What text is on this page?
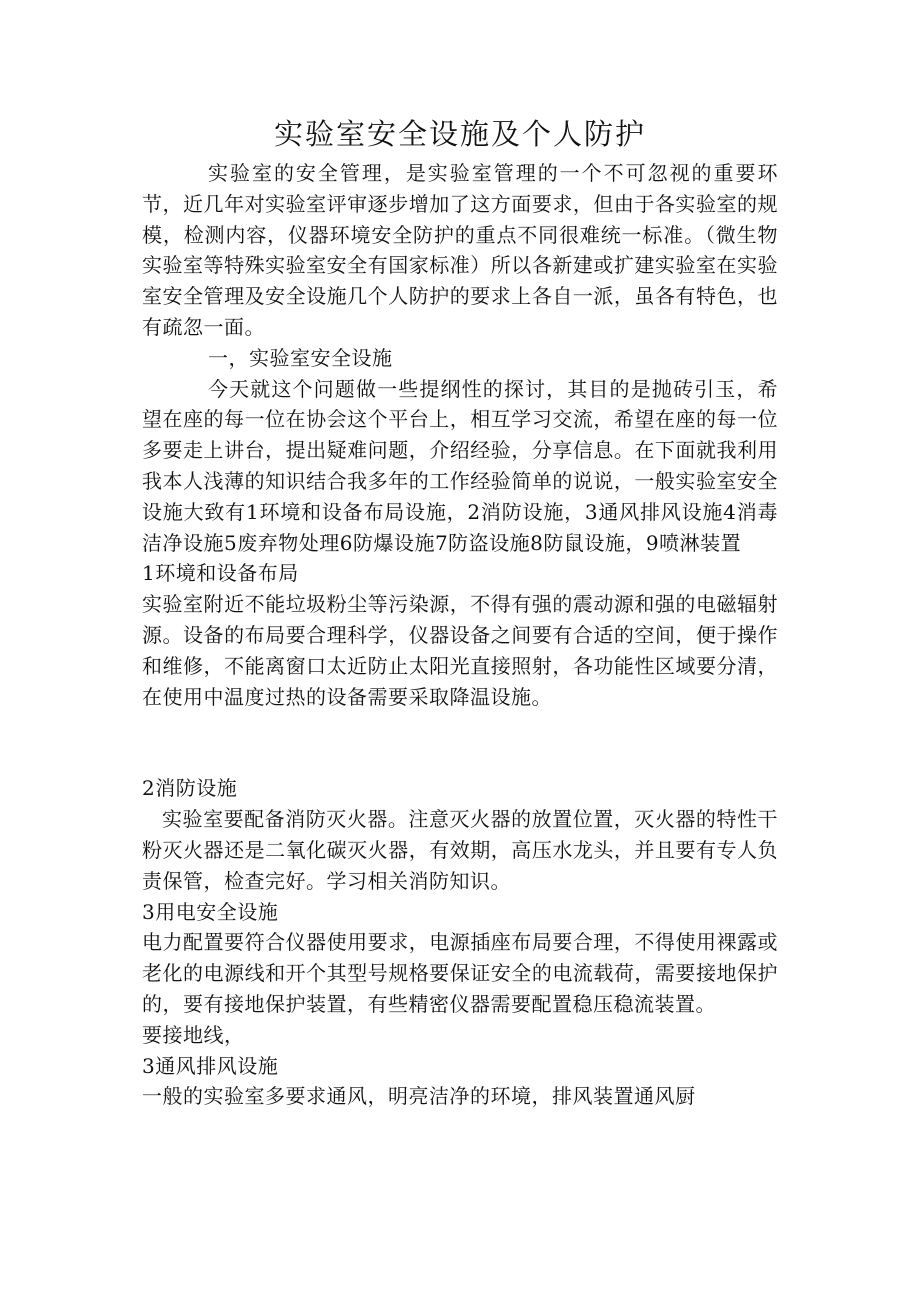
实验室安全设施及个人防护

实验室的安全管理，是实验室管理的一个不可忽视的重要环节，近几年对实验室评审逐步增加了这方面要求，但由于各实验室的规模，检测内容，仪器环境安全防护的重点不同很难统一标准。（微生物实验室等特殊实验室安全有国家标准）所以各新建或扩建实验室在实验室安全管理及安全设施几个人防护的要求上各自一派，虽各有特色，也有疏忽一面。

一，实验室安全设施

今天就这个问题做一些提纲性的探讨，其目的是抛砖引玉，希望在座的每一位在协会这个平台上，相互学习交流，希望在座的每一位多要走上讲台，提出疑难问题，介绍经验，分享信息。在下面就我利用我本人浅薄的知识结合我多年的工作经验简单的说说，一般实验室安全设施大致有1环境和设备布局设施，2消防设施，3通风排风设施4消毒洁净设施5废弃物处理6防爆设施7防盗设施8防鼠设施，9喷淋装置

1环境和设备布局

实验室附近不能垃圾粉尘等污染源，不得有强的震动源和强的电磁辐射源。设备的布局要合理科学，仪器设备之间要有合适的空间，便于操作和维修，不能离窗口太近防止太阳光直接照射，各功能性区域要分清，在使用中温度过热的设备需要采取降温设施。

2消防设施

实验室要配备消防灭火器。注意灭火器的放置位置，灭火器的特性干粉灭火器还是二氧化碳灭火器，有效期，高压水龙头，并且要有专人负责保管，检查完好。学习相关消防知识。

3用电安全设施

电力配置要符合仪器使用要求，电源插座布局要合理，不得使用裸露或老化的电源线和开个其型号规格要保证安全的电流载荷，需要接地保护的，要有接地保护装置，有些精密仪器需要配置稳压稳流装置。

要接地线，

3通风排风设施

一般的实验室多要求通风，明亮洁净的环境，排风装置通风厨
